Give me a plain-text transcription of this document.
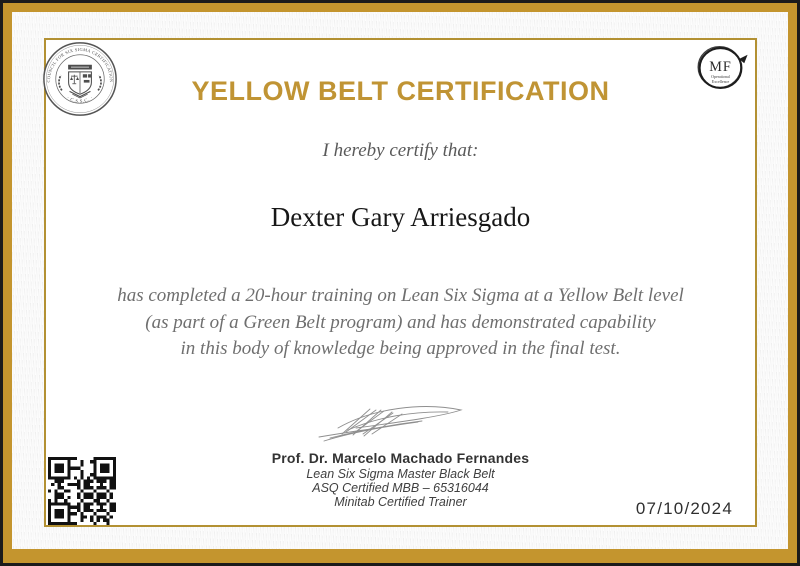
COUNCIL FOR SIX SIGMA CERTIFICATION
· C.S.S.C. ·
MF
Operational
Excellence
YELLOW BELT CERTIFICATION
I hereby certify that:
Dexter Gary Arriesgado
has completed a 20-hour training on Lean Six Sigma at a Yellow Belt level
(as part of a Green Belt program) and has demonstrated capability
in this body of knowledge being approved in the final test.
Prof. Dr. Marcelo Machado Fernandes
Lean Six Sigma Master Black Belt
ASQ Certified MBB – 65316044
Minitab Certified Trainer	07/10/2024
